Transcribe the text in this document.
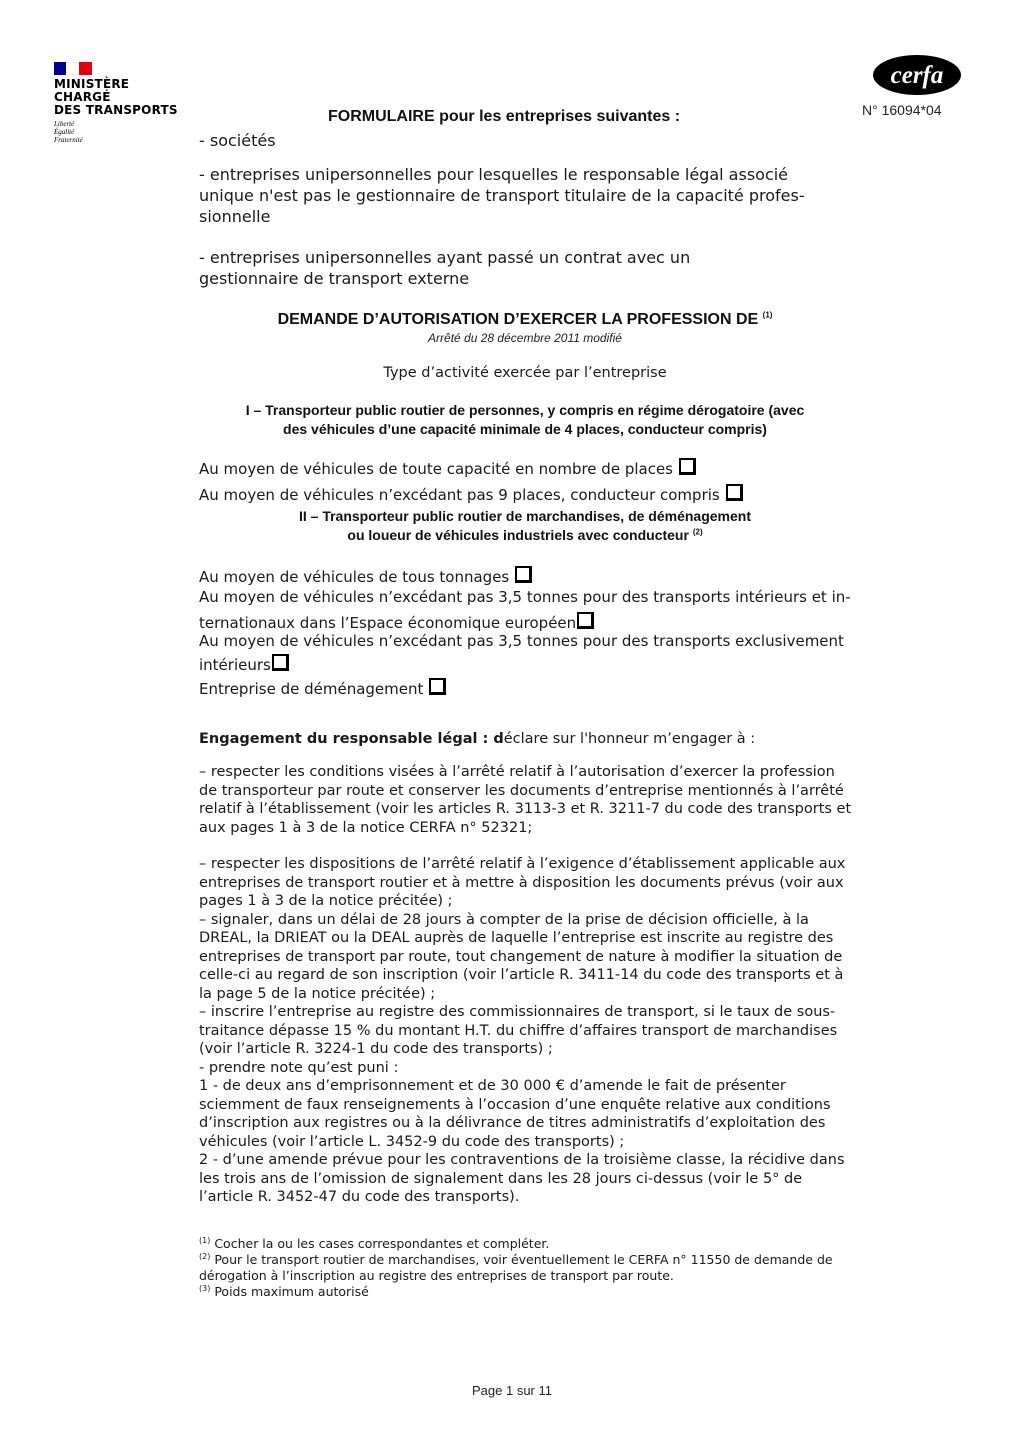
MINISTÈRE
CHARGÉ
DES TRANSPORTS
Liberté
Égalité
Fraternité
cerfa
N° 16094*04
FORMULAIRE pour les entreprises suivantes :
- sociétés
- entreprises unipersonnelles pour lesquelles le responsable légal associé unique n'est pas le gestionnaire de transport titulaire de la capacité profes-sionnelle
- entreprises unipersonnelles ayant passé un contrat avec un gestionnaire de transport externe
DEMANDE D’AUTORISATION D’EXERCER LA PROFESSION DE $^{(1)}$
Arrêté du 28 décembre 2011 modifié
Type d’activité exercée par l’entreprise
I – Transporteur public routier de personnes, y compris en régime dérogatoire (avec
des véhicules d’une capacité minimale de 4 places, conducteur compris)
Au moyen de véhicules de toute capacité en nombre de places
Au moyen de véhicules n’excédant pas 9 places, conducteur compris
II – Transporteur public routier de marchandises, de déménagement
ou loueur de véhicules industriels avec conducteur $^{(2)}$
Au moyen de véhicules de tous tonnages
Au moyen de véhicules n’excédant pas 3,5 tonnes pour des transports intérieurs et in-
ternationaux dans l’Espace économique européen
Au moyen de véhicules n’excédant pas 3,5 tonnes pour des transports exclusivement
intérieurs
Entreprise de déménagement
Engagement du responsable légal : déclare sur l'honneur m’engager à :

– respecter les conditions visées à l’arrêté relatif à l’autorisation d’exercer la profession de transporteur par route et conserver les documents d’entreprise mentionnés à l’arrêté relatif à l’établissement (voir les articles R. 3113-3 et R. 3211-7 du code des transports et aux pages 1 à 3 de la notice CERFA n° 52321;

– respecter les dispositions de l’arrêté relatif à l’exigence d’établissement applicable aux entreprises de transport routier et à mettre à disposition les documents prévus (voir aux pages 1 à 3 de la notice précitée) ;

– signaler, dans un délai de 28 jours à compter de la prise de décision officielle, à la DREAL, la DRIEAT ou la DEAL auprès de laquelle l’entreprise est inscrite au registre des entreprises de transport par route, tout changement de nature à modifier la situation de celle-ci au regard de son inscription (voir l’article R. 3411-14 du code des transports et à la page 5 de la notice précitée) ;

– inscrire l’entreprise au registre des commissionnaires de transport, si le taux de sous-traitance dépasse 15 % du montant H.T. du chiffre d’affaires transport de marchandises (voir l’article R. 3224-1 du code des transports) ;

- prendre note qu’est puni :

1 - de deux ans d’emprisonnement et de 30 000 € d’amende le fait de présenter sciemment de faux renseignements à l’occasion d’une enquête relative aux conditions d’inscription aux registres ou à la délivrance de titres administratifs d’exploitation des véhicules (voir l’article L. 3452-9 du code des transports) ;

2 - d’une amende prévue pour les contraventions de la troisième classe, la récidive dans les trois ans de l’omission de signalement dans les 28 jours ci-dessus (voir le 5° de l’article R. 3452-47 du code des transports).

$^{(1)}$ Cocher la ou les cases correspondantes et compléter.
$^{(2)}$ Pour le transport routier de marchandises, voir éventuellement le CERFA n° 11550 de demande de dérogation à l’inscription au registre des entreprises de transport par route.
$^{(3)}$ Poids maximum autorisé
Page 1 sur 11
